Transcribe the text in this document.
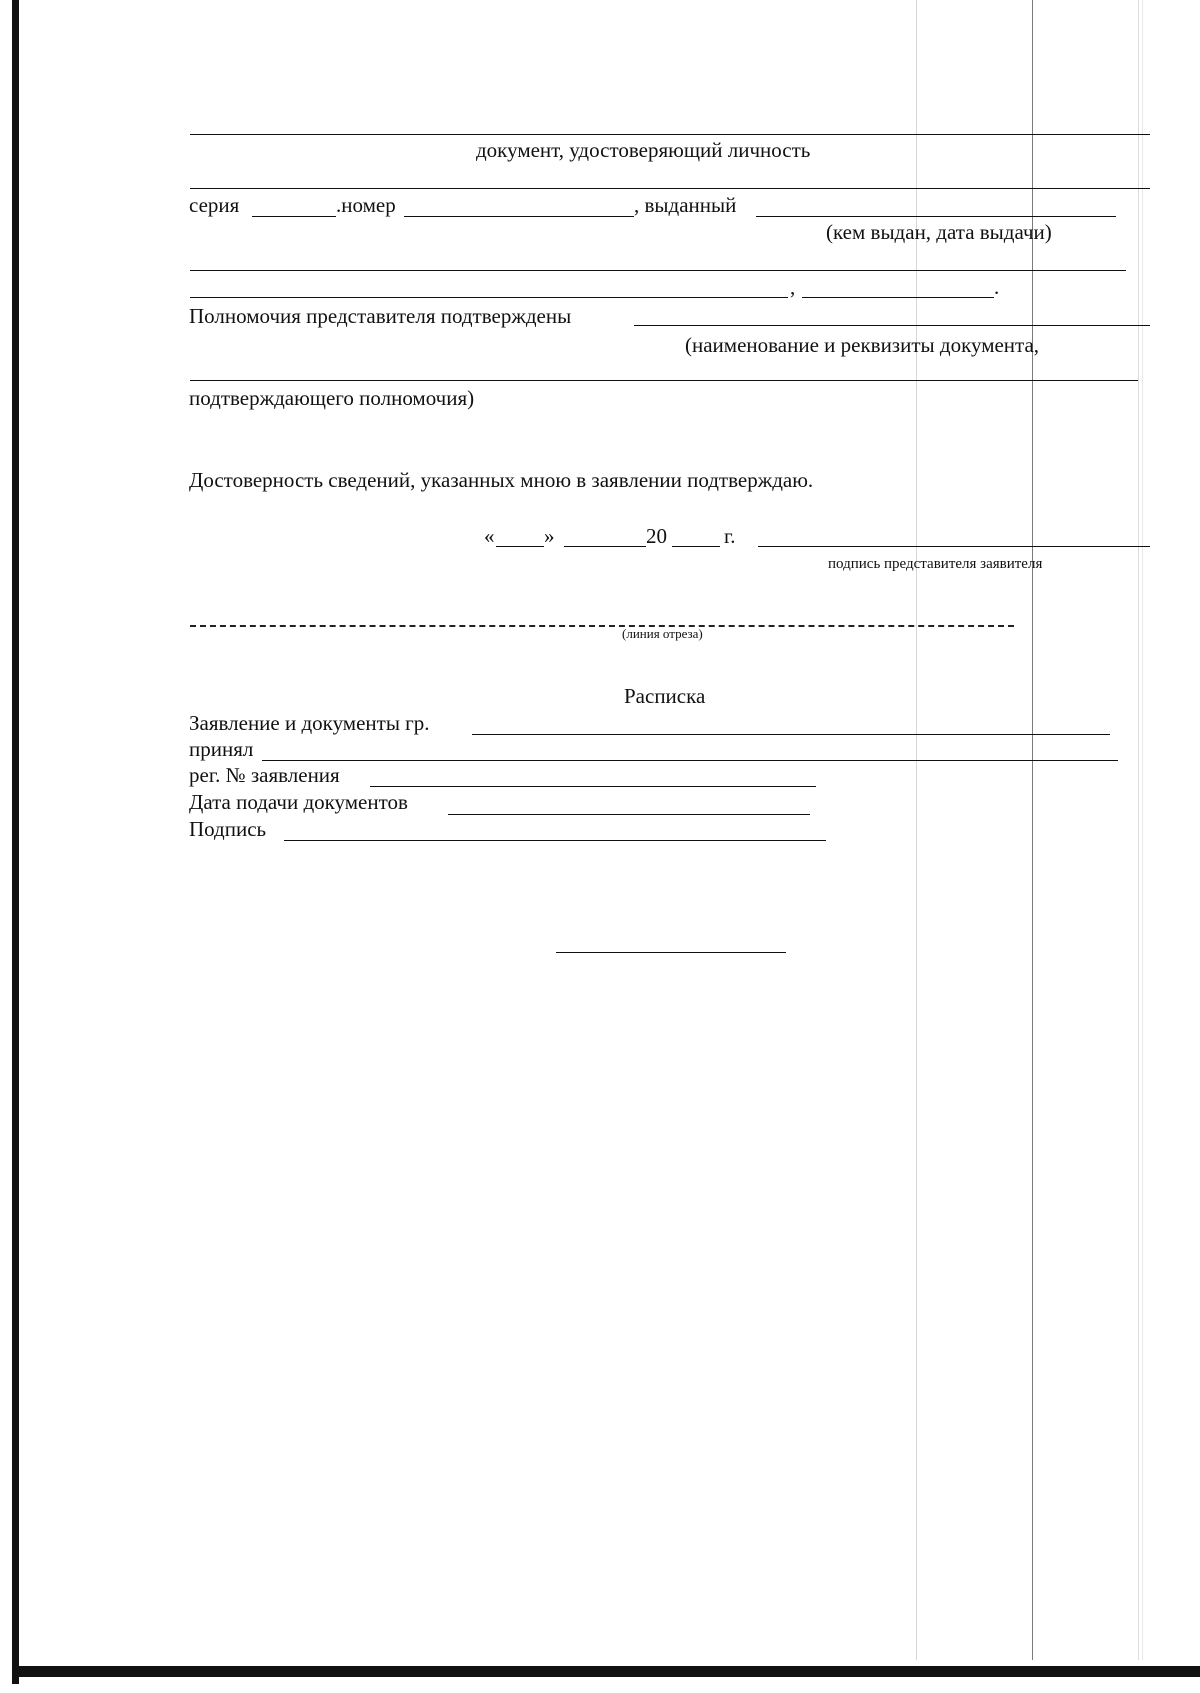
документ, удостоверяющий личность
серия	.номер	, выданный
(кем выдан, дата выдачи)
,	.
Полномочия представителя подтверждены
(наименование и реквизиты документа,
подтверждающего полномочия)
Достоверность сведений, указанных мною в заявлении подтверждаю.
« »	20	г.
подпись представителя заявителя
(линия отреза)
Расписка
Заявление и документы гр.
принял
рег. № заявления
Дата подачи документов
Подпись
